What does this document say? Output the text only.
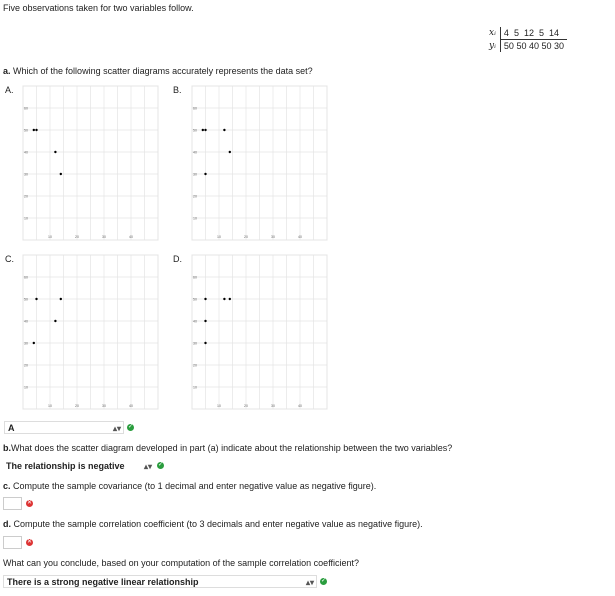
Five observations taken for two variables follow.
xᵢ	4 5 12 5 14
yᵢ	50 50 40 50 30
a. Which of the following scatter diagrams accurately represents the data set?
A.	B.
C.	D.
60
50
40
30
20
10
10	20	30	40
60
50
40
30
20
10
10	20	30	40
60
50
40
30
20
10
10	20	30	40
60
50
40
30
20
10
10	20	30	40
A	▴▾ ✓
b.What does the scatter diagram developed in part (a) indicate about the relationship between the two variables?
The relationship is negative ▴▾ ✓
c. Compute the sample covariance (to 1 decimal and enter negative value as negative figure).
✕
d. Compute the sample correlation coefficient (to 3 decimals and enter negative value as negative figure).
✕
What can you conclude, based on your computation of the sample correlation coefficient?
There is a strong negative linear relationship	▴▾ ✓
